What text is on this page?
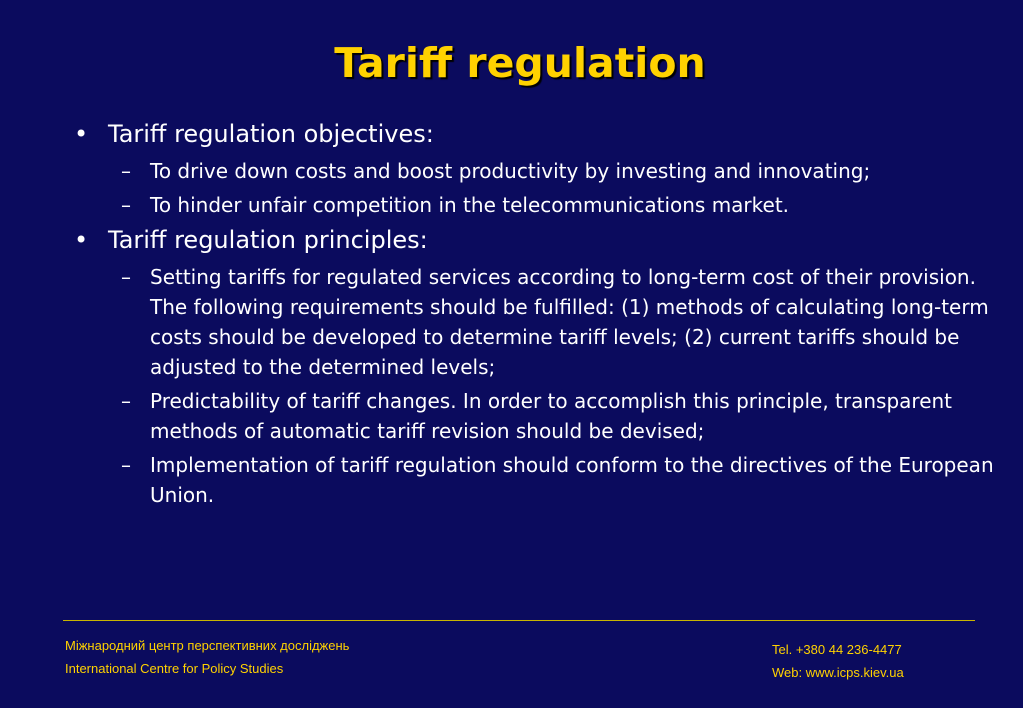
Tariff regulation
• Tariff regulation objectives:
– To drive down costs and boost productivity by investing and innovating;
– To hinder unfair competition in the telecommunications market.
• Tariff regulation principles:
– Setting tariffs for regulated services according to long-term cost of their provision. The following requirements should be fulfilled: (1) methods of calculating long-term costs should be developed to determine tariff levels; (2) current tariffs should be adjusted to the determined levels;
– Predictability of tariff changes. In order to accomplish this principle, transparent methods of automatic tariff revision should be devised;
– Implementation of tariff regulation should conform to the directives of the European Union.
Міжнародний центр перспективних досліджень
International Centre for Policy Studies
Tel. +380 44 236-4477
Web: www.icps.kiev.ua
